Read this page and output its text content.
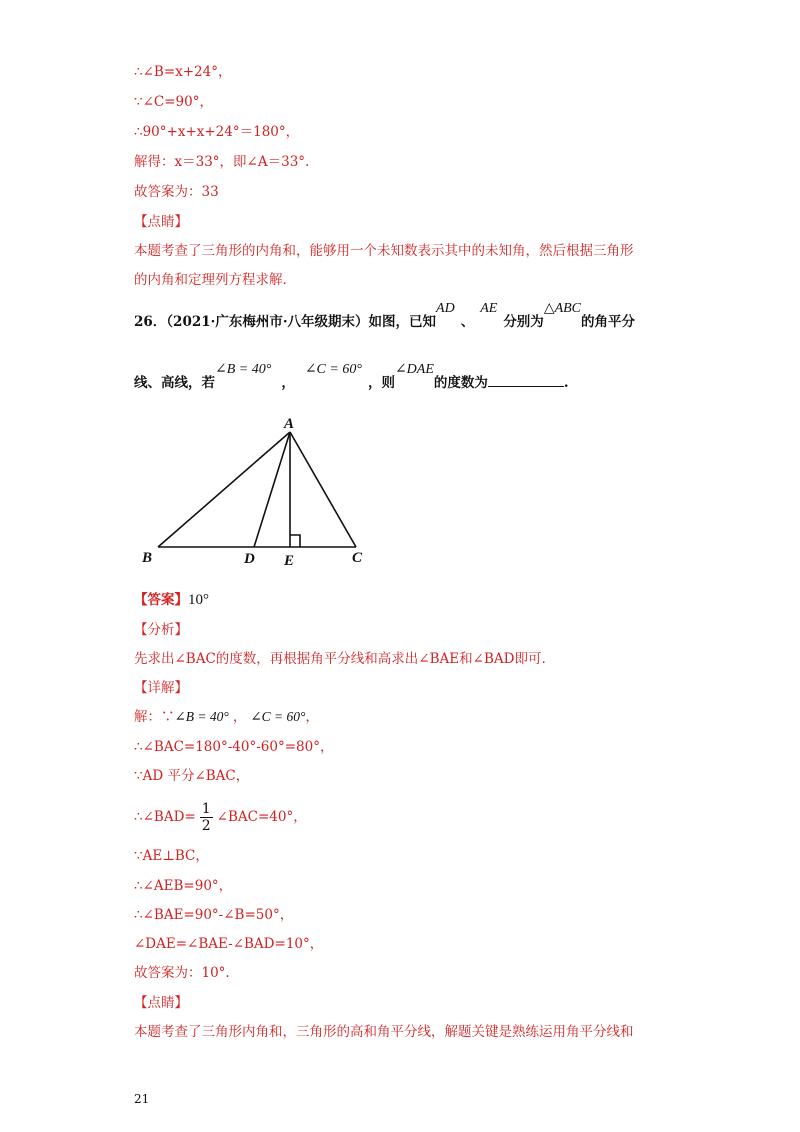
∴∠B=x+24°，
∵∠C=90°，
∴90°+x+x+24°＝180°，
解得：x＝33°，即∠A＝33°.
故答案为：33
【点睛】
本题考查了三角形的内角和，能够用一个未知数表示其中的未知角，然后根据三角形
的内角和定理列方程求解.
26．（2021·广东梅州市·八年级期末）如图，已知AD、AE分别为△ABC的角平分
线、高线，若∠B = 40°，∠C = 60°，则∠DAE的度数为	.
A
B	D E	C
【答案】10°
【分析】
先求出∠BAC的度数，再根据角平分线和高求出∠BAE和∠BAD即可.
【详解】
解：∵∠B = 40° ， ∠C = 60°，
∴∠BAC=180°-40°-60°=80°，
∵AD 平分∠BAC，
∴∠BAD= $\frac{1}{2}$ ∠BAC=40°，
∵AE⊥BC，
∴∠AEB=90°，
∴∠BAE=90°-∠B=50°，
∠DAE=∠BAE-∠BAD=10°，
故答案为：10°.
【点睛】
本题考查了三角形内角和，三角形的高和角平分线，解题关键是熟练运用角平分线和
21
